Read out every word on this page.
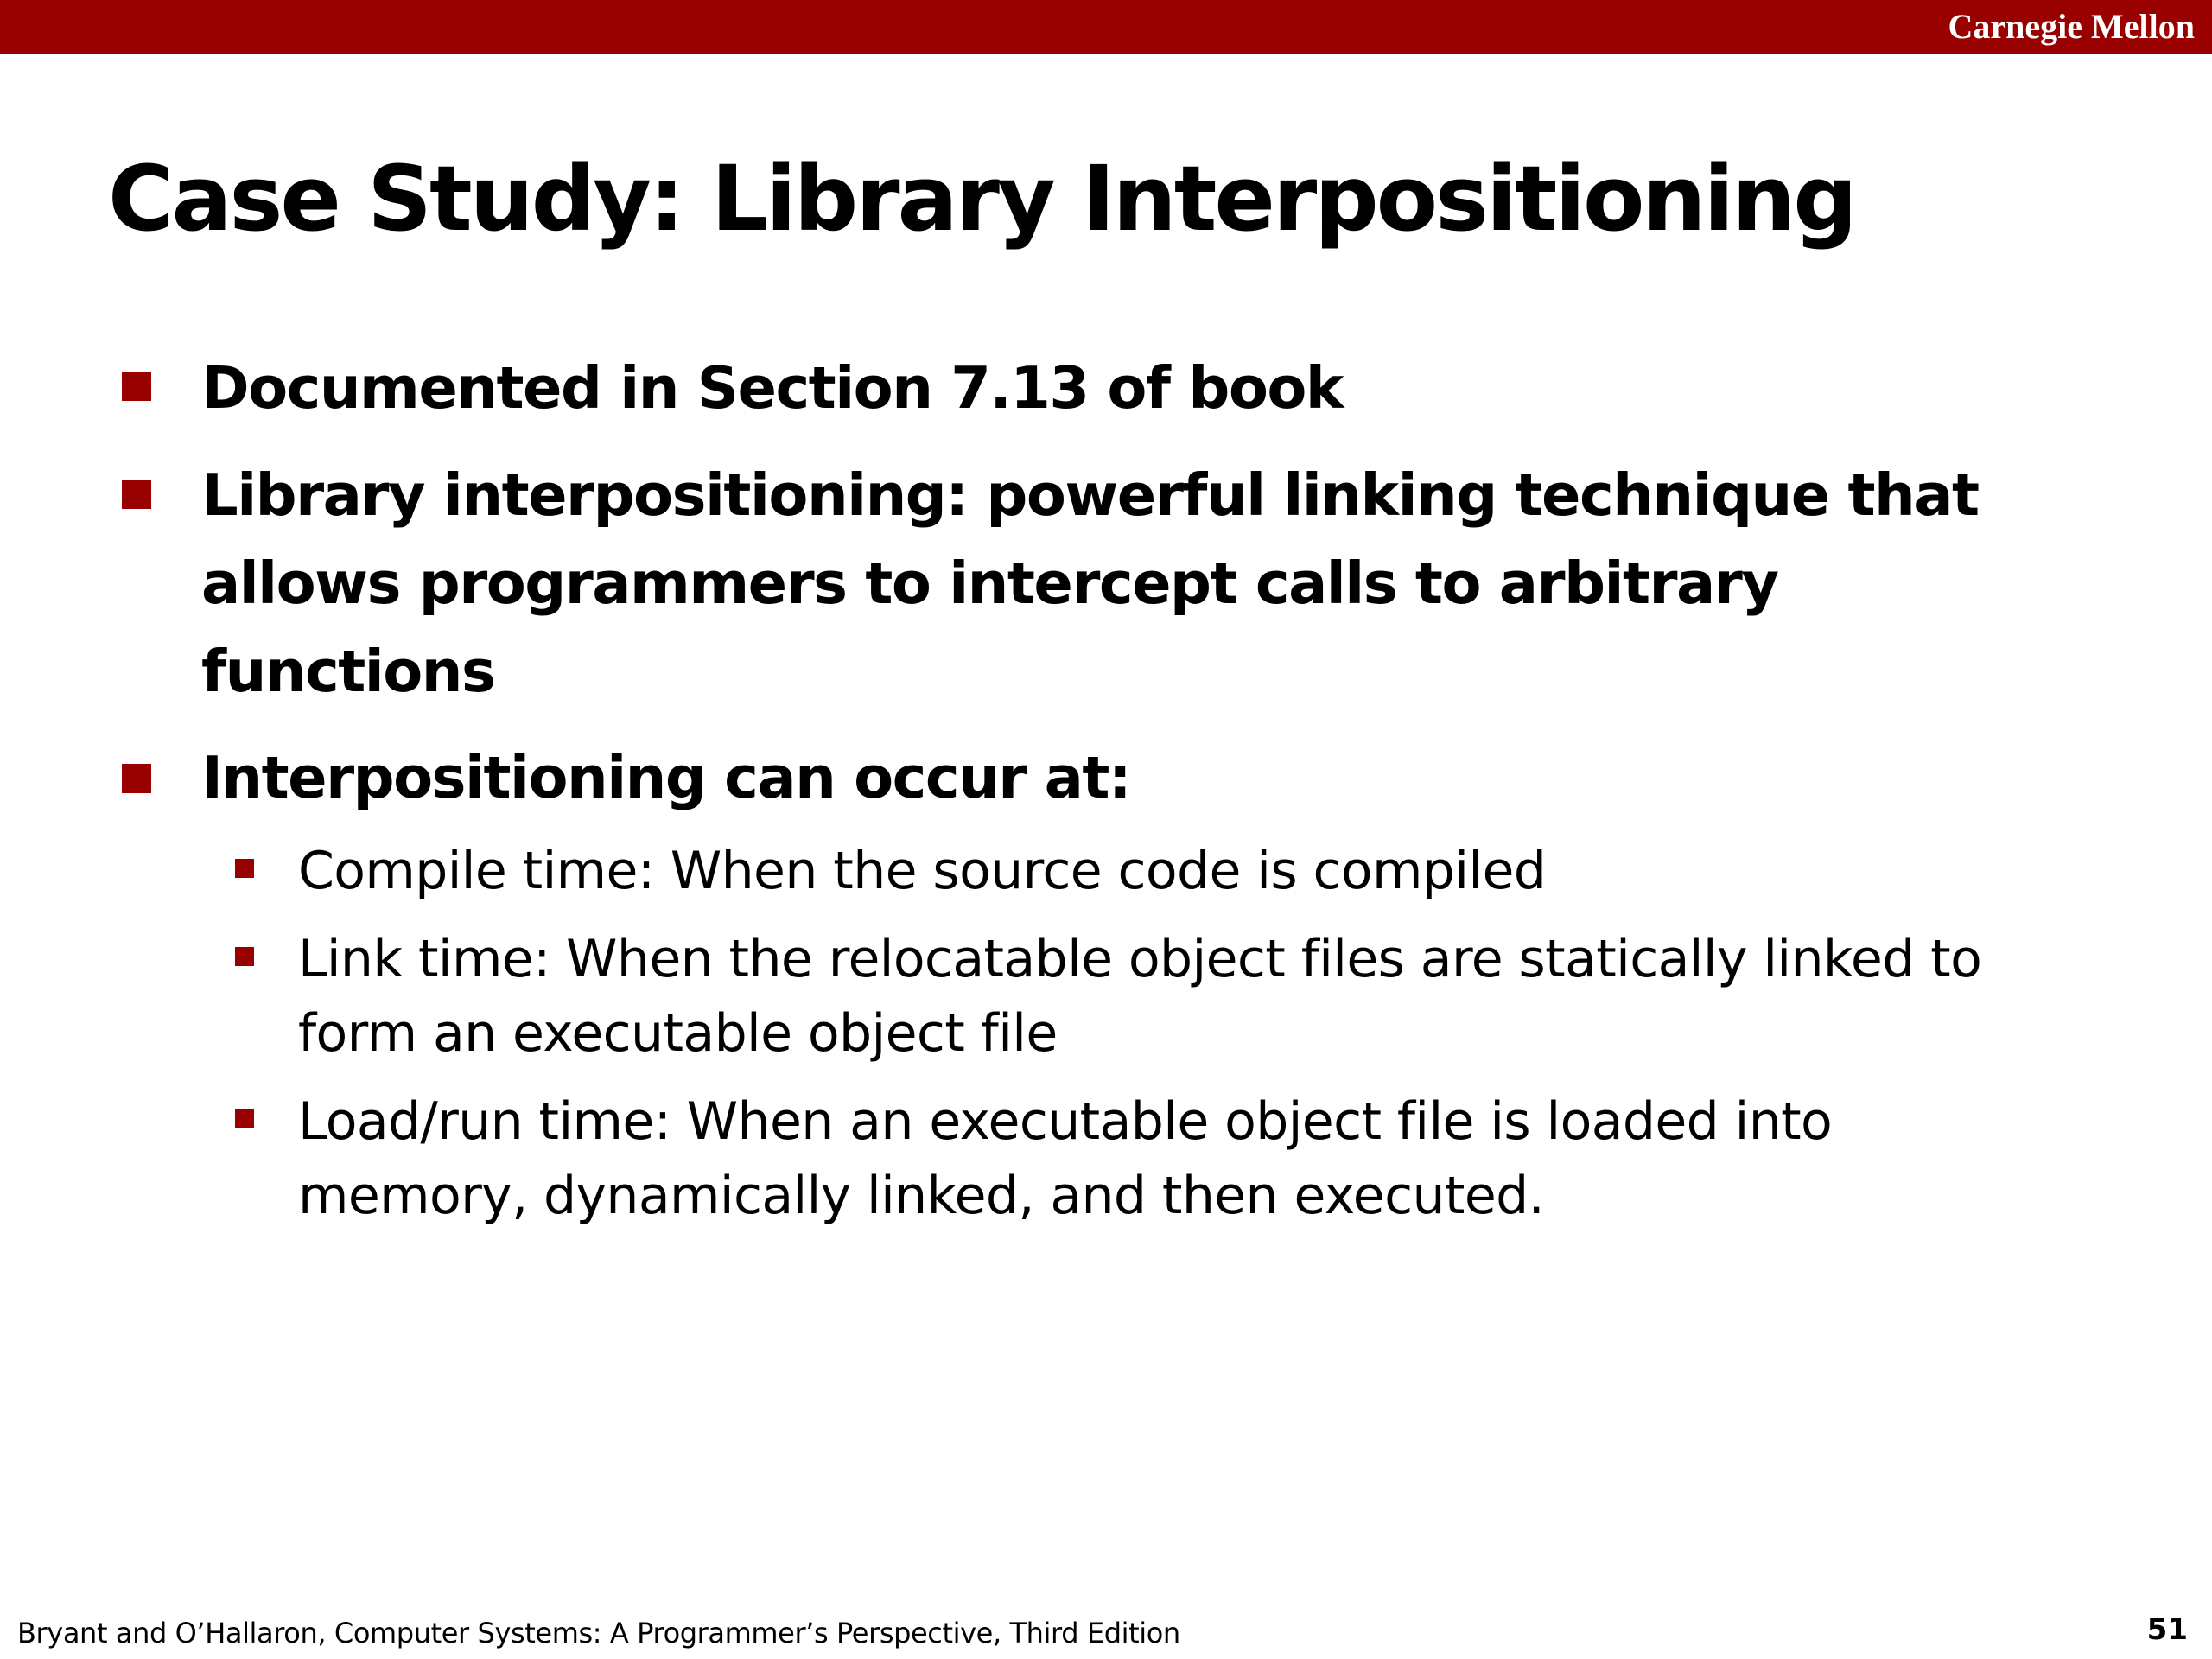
Carnegie Mellon
Case Study: Library Interpositioning
Documented in Section 7.13 of book
Library interpositioning: powerful linking technique that allows programmers to intercept calls to arbitrary functions
Interpositioning can occur at:
Compile time: When the source code is compiled
Link time: When the relocatable object files are statically linked to form an executable object file
Load/run time: When an executable object file is loaded into memory, dynamically linked, and then executed.
Bryant and O’Hallaron, Computer Systems: A Programmer’s Perspective, Third Edition	51
